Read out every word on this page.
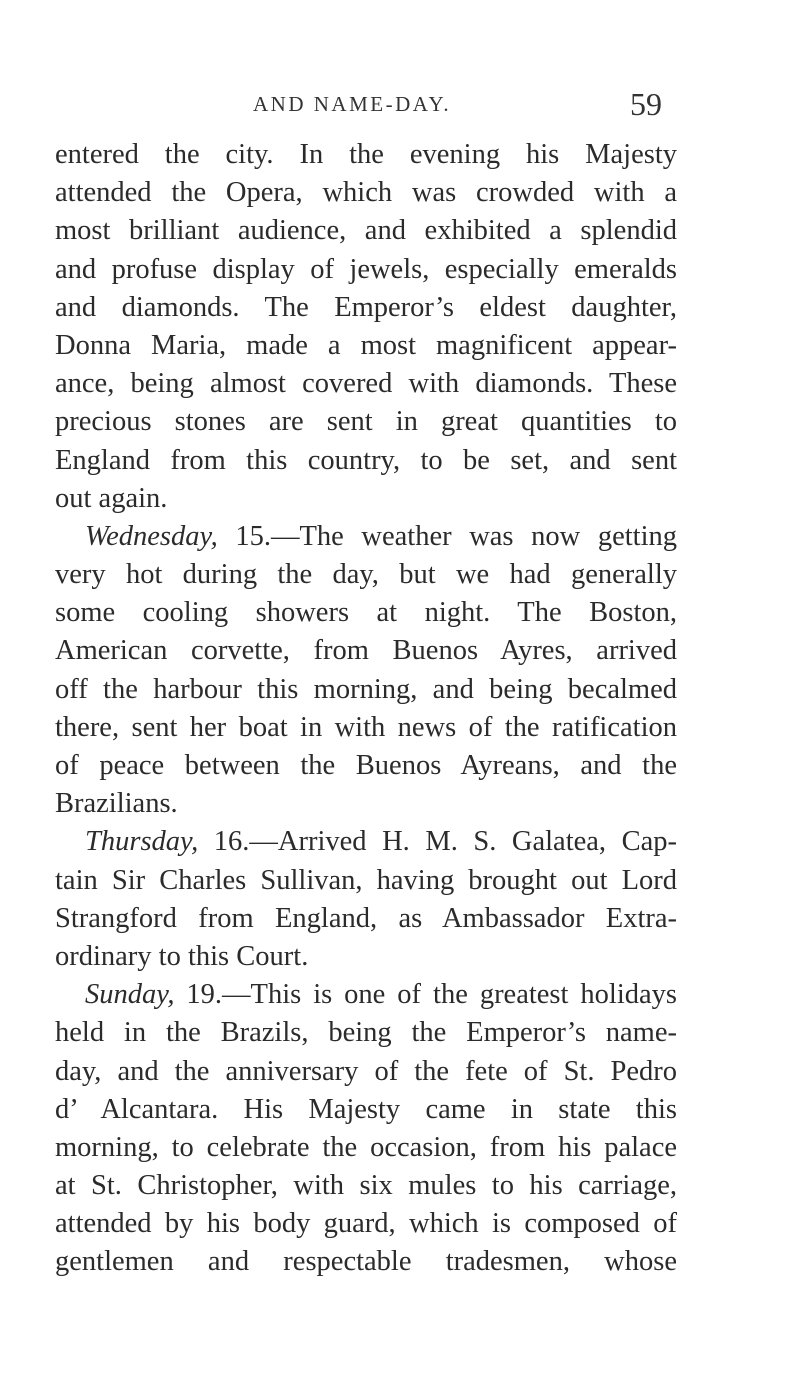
AND NAME-DAY.	59
entered the city. In the evening his Majesty
attended the Opera, which was crowded with a
most brilliant audience, and exhibited a splendid
and profuse display of jewels, especially emeralds
and diamonds. The Emperor’s eldest daughter,
Donna Maria, made a most magnificent appear-
ance, being almost covered with diamonds. These
precious stones are sent in great quantities to
England from this country, to be set, and sent
out again.
Wednesday, 15.—The weather was now getting
very hot during the day, but we had generally
some cooling showers at night. The Boston,
American corvette, from Buenos Ayres, arrived
off the harbour this morning, and being becalmed
there, sent her boat in with news of the ratification
of peace between the Buenos Ayreans, and the
Brazilians.
Thursday, 16.—Arrived H. M. S. Galatea, Cap-
tain Sir Charles Sullivan, having brought out Lord
Strangford from England, as Ambassador Extra-
ordinary to this Court.
Sunday, 19.—This is one of the greatest holidays
held in the Brazils, being the Emperor’s name-
day, and the anniversary of the fete of St. Pedro
d’ Alcantara. His Majesty came in state this
morning, to celebrate the occasion, from his palace
at St. Christopher, with six mules to his carriage,
attended by his body guard, which is composed of
gentlemen and respectable tradesmen, whose
